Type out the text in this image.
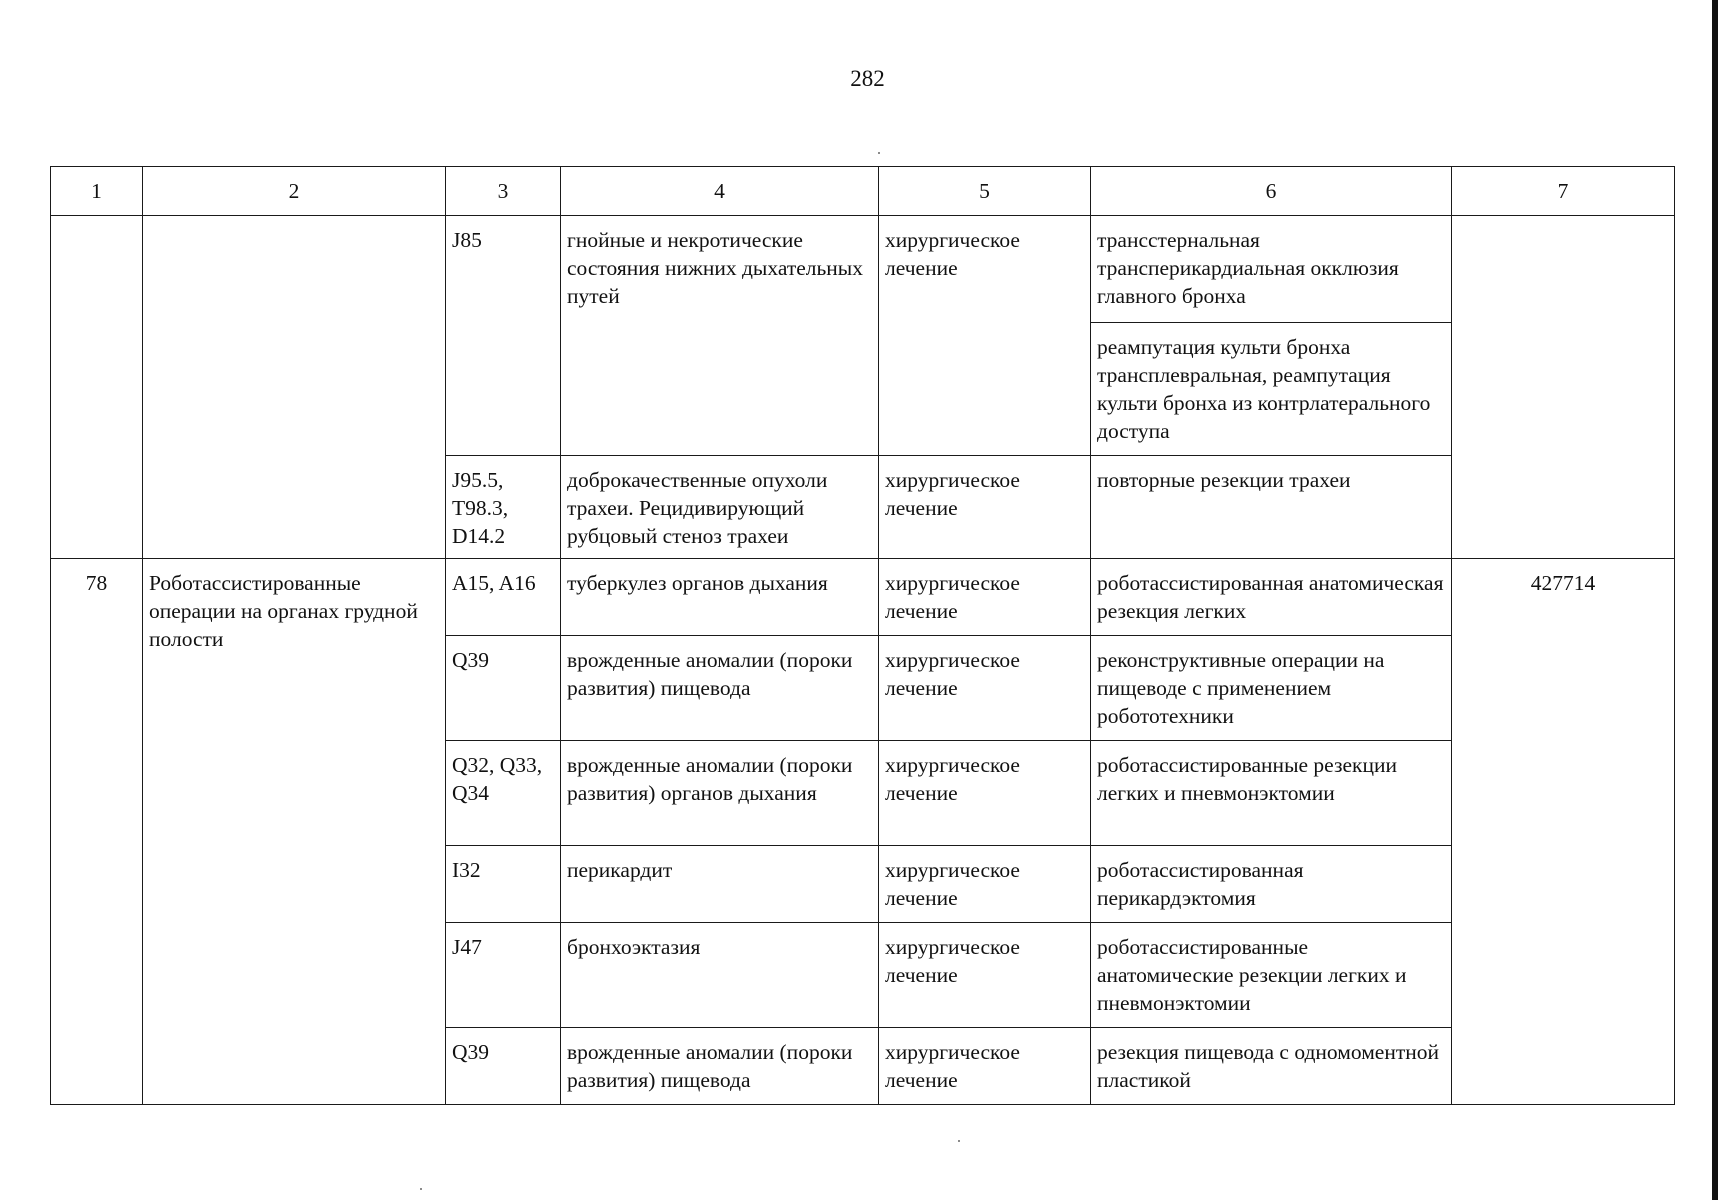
282
1	2	3	4	5	6	7
		J85	гнойные и некротические состояния нижних дыхательных путей	хирургическое лечение	трансстернальная трансперикардиальная окклюзия главного бронха	
					реампутация культи бронха трансплевральная, реампутация культи бронха из контрлатерального доступа	
		J95.5, T98.3, D14.2	доброкачественные опухоли трахеи. Рецидивирующий рубцовый стеноз трахеи	хирургическое лечение	повторные резекции трахеи	
78	Роботассистированные операции на органах грудной полости	A15, A16	туберкулез органов дыхания	хирургическое лечение	роботассистированная анатомическая резекция легких	427714
		Q39	врожденные аномалии (пороки развития) пищевода	хирургическое лечение	реконструктивные операции на пищеводе с применением робототехники	
		Q32, Q33, Q34	врожденные аномалии (пороки развития) органов дыхания	хирургическое лечение	роботассистированные резекции легких и пневмонэктомии	
		I32	перикардит	хирургическое лечение	роботассистированная перикардэктомия	
		J47	бронхоэктазия	хирургическое лечение	роботассистированные анатомические резекции легких и пневмонэктомии	
		Q39	врожденные аномалии (пороки развития) пищевода	хирургическое лечение	резекция пищевода с одномоментной пластикой	
